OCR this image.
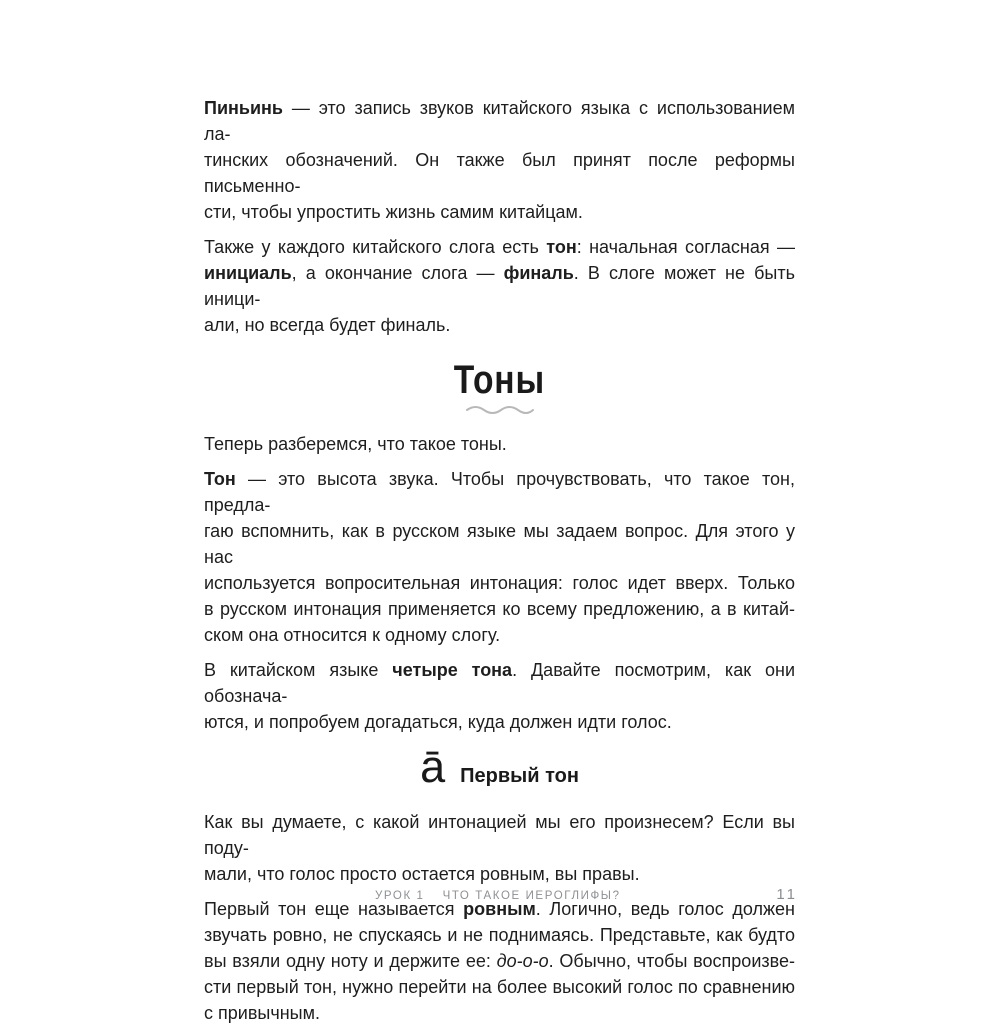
Пиньинь — это запись звуков китайского языка с использованием ла-
тинских обозначений. Он также был принят после реформы письменно-
сти, чтобы упростить жизнь самим китайцам.
Также у каждого китайского слога есть тон: начальная согласная —
инициаль, а окончание слога — финаль. В слоге может не быть иници-
али, но всегда будет финаль.
Тоны
Теперь разберемся, что такое тоны.
Тон — это высота звука. Чтобы прочувствовать, что такое тон, предла-
гаю вспомнить, как в русском языке мы задаем вопрос. Для этого у нас
используется вопросительная интонация: голос идет вверх. Только
в русском интонация применяется ко всему предложению, а в китай-
ском она относится к одному слогу.
В китайском языке четыре тона. Давайте посмотрим, как они обознача-
ются, и попробуем догадаться, куда должен идти голос.
ā Первый тон
Как вы думаете, с какой интонацией мы его произнесем? Если вы поду-
мали, что голос просто остается ровным, вы правы.
Первый тон еще называется ровным. Логично, ведь голос должен
звучать ровно, не спускаясь и не поднимаясь. Представьте, как будто
вы взяли одну ноту и держите ее: до-о-о. Обычно, чтобы воспроизве-
сти первый тон, нужно перейти на более высокий голос по сравнению
с привычным.
УРОК 1 ЧТО ТАКОЕ ИЕРОГЛИФЫ?	11
